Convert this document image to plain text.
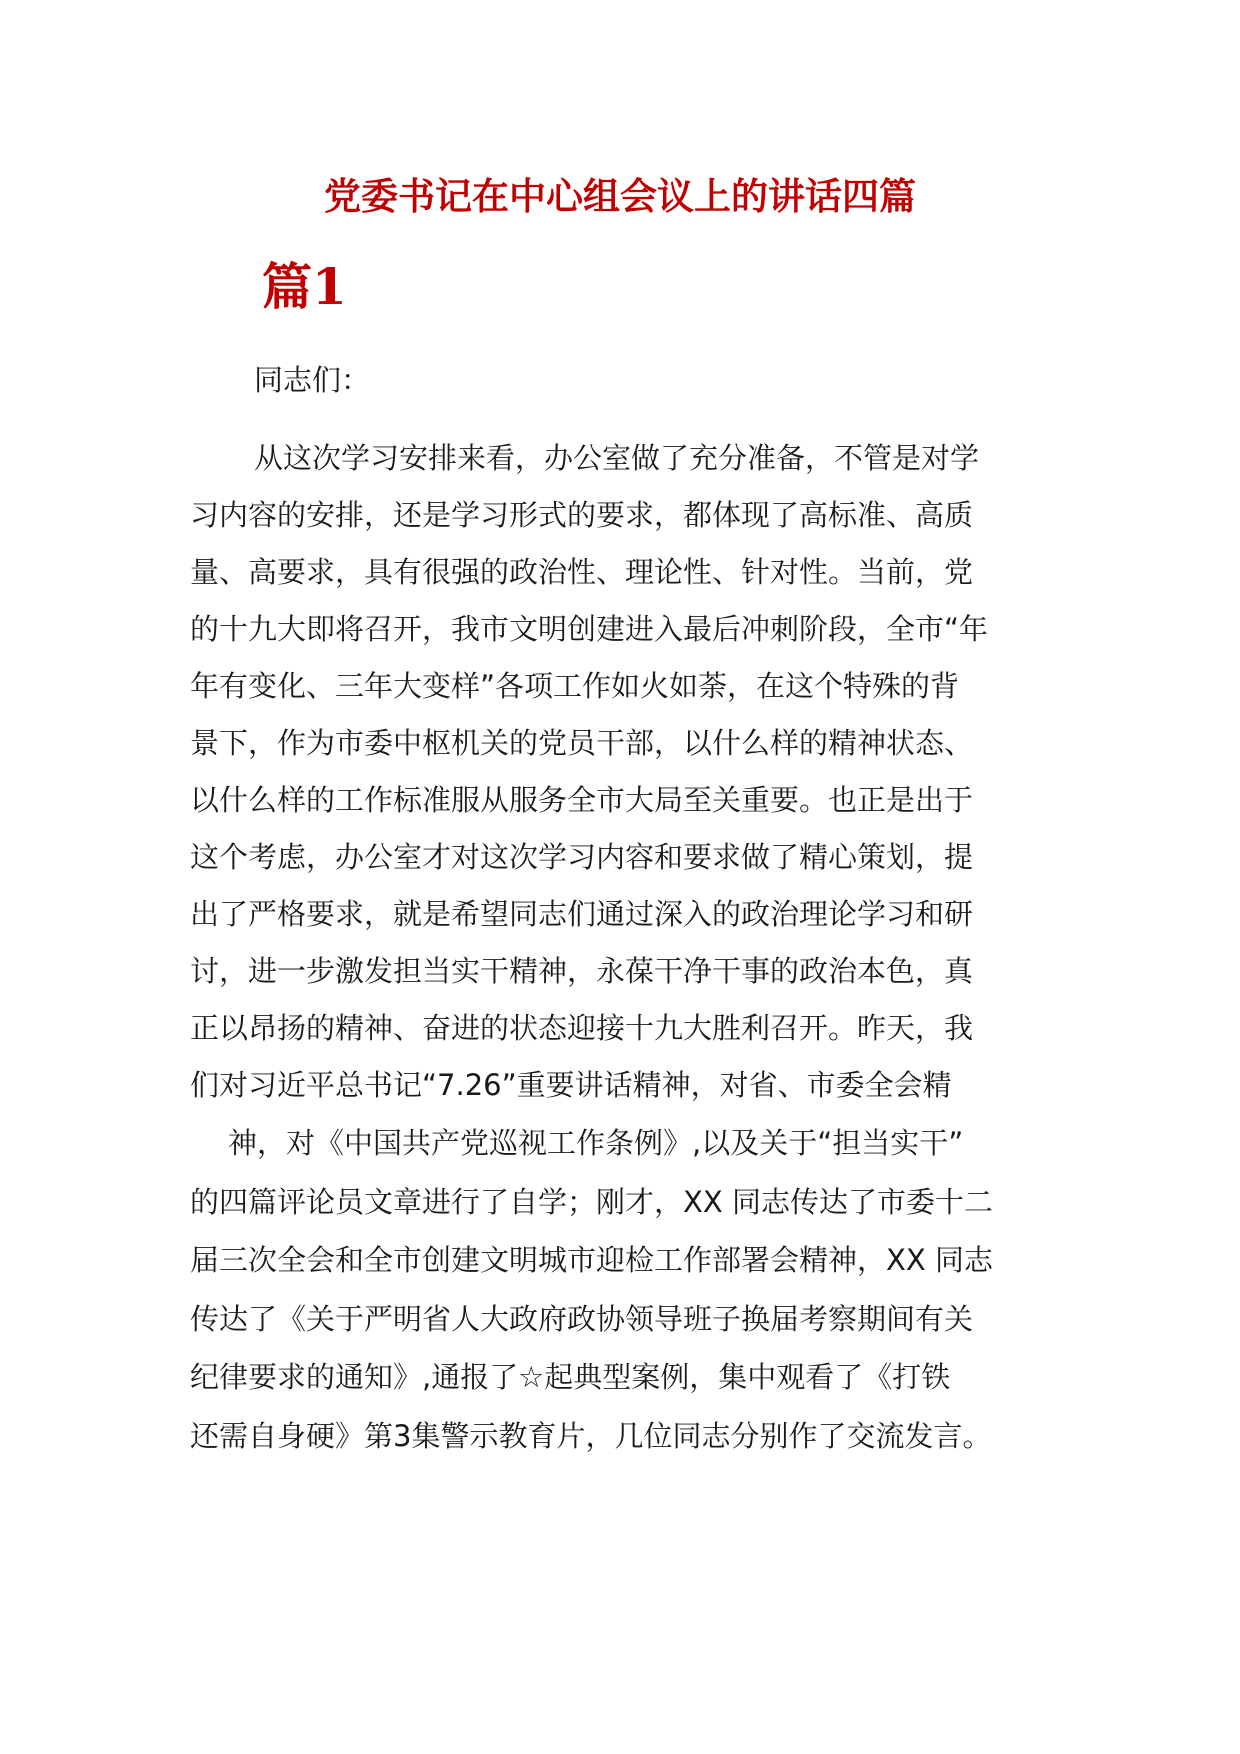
党委书记在中心组会议上的讲话四篇
篇1
同志们：
从这次学习安排来看，办公室做了充分准备，不管是对学
习内容的安排，还是学习形式的要求，都体现了高标准、高质
量、高要求，具有很强的政治性、理论性、针对性。当前，党
的十九大即将召开，我市文明创建进入最后冲刺阶段，全市“年
年有变化、三年大变样”各项工作如火如荼，在这个特殊的背
景下，作为市委中枢机关的党员干部，以什么样的精神状态、
以什么样的工作标准服从服务全市大局至关重要。也正是出于
这个考虑，办公室才对这次学习内容和要求做了精心策划，提
出了严格要求，就是希望同志们通过深入的政治理论学习和研
讨，进一步激发担当实干精神，永葆干净干事的政治本色，真
正以昂扬的精神、奋进的状态迎接十九大胜利召开。昨天，我
们对习近平总书记“7.26”重要讲话精神，对省、市委全会精
神，对《中国共产党巡视工作条例》,以及关于“担当实干”
的四篇评论员文章进行了自学；刚才，XX 同志传达了市委十二
届三次全会和全市创建文明城市迎检工作部署会精神，XX 同志
传达了《关于严明省人大政府政协领导班子换届考察期间有关
纪律要求的通知》,通报了☆起典型案例，集中观看了《打铁
还需自身硬》第3集警示教育片，几位同志分别作了交流发言。
